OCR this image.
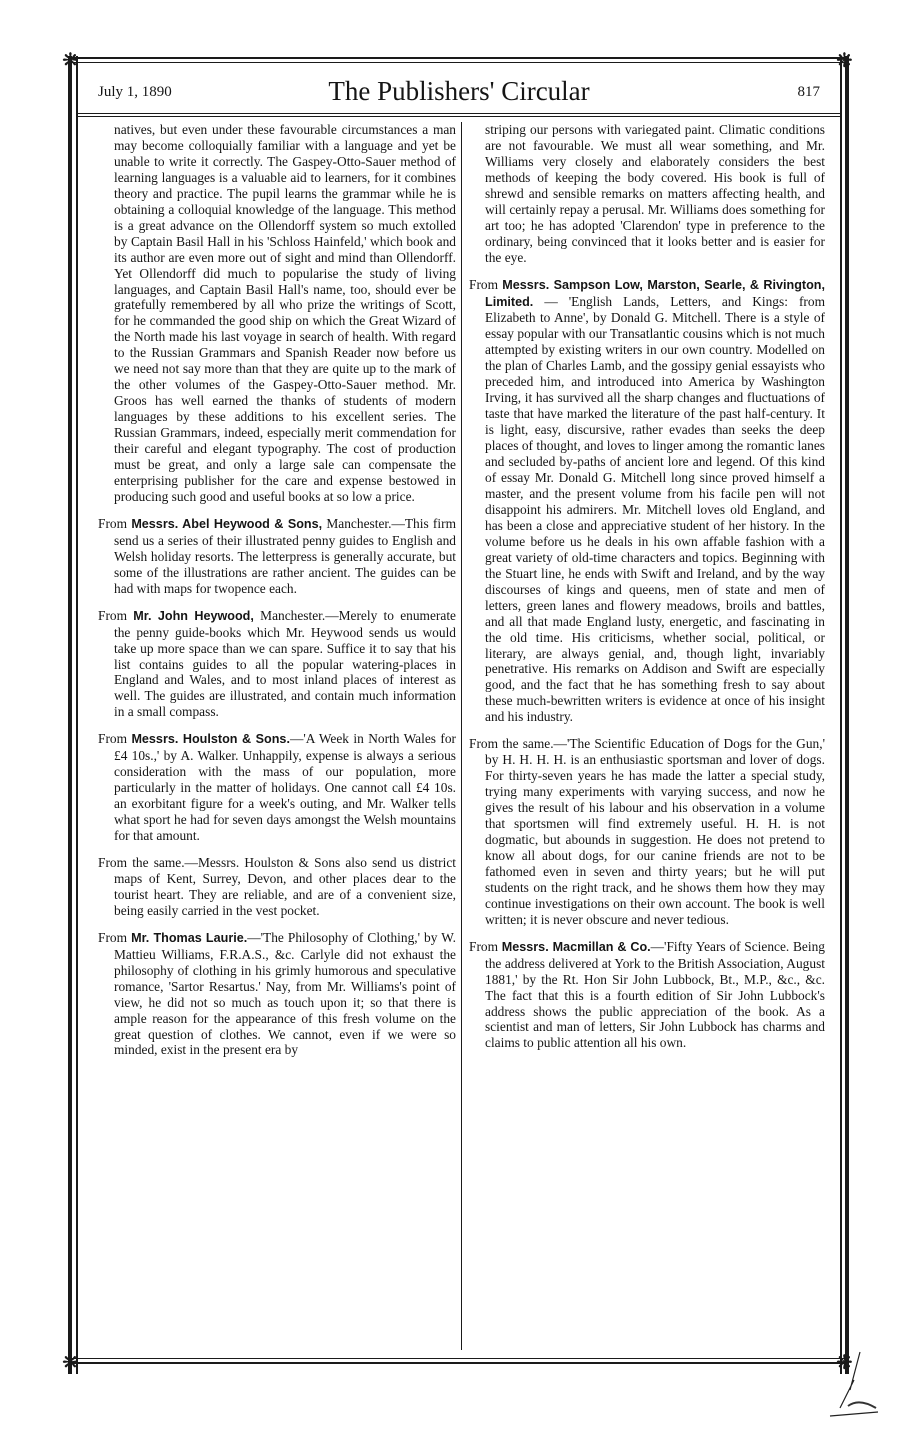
❋	❋
❋	❋
July 1, 1890	The Publishers' Circular	817

natives, but even under these favourable circumstances a man may become colloquially familiar with a language and yet be unable to write it correctly. The Gaspey-Otto-Sauer method of learning languages is a valuable aid to learners, for it combines theory and practice. The pupil learns the grammar while he is obtaining a colloquial knowledge of the language. This method is a great advance on the Ollendorff system so much extolled by Captain Basil Hall in his 'Schloss Hainfeld,' which book and its author are even more out of sight and mind than Ollendorff. Yet Ollendorff did much to popularise the study of living languages, and Captain Basil Hall's name, too, should ever be gratefully remembered by all who prize the writings of Scott, for he commanded the good ship on which the Great Wizard of the North made his last voyage in search of health. With regard to the Russian Grammars and Spanish Reader now before us we need not say more than that they are quite up to the mark of the other volumes of the Gaspey-Otto-Sauer method. Mr. Groos has well earned the thanks of students of modern languages by these additions to his excellent series. The Russian Grammars, indeed, especially merit commendation for their careful and elegant typography. The cost of production must be great, and only a large sale can compensate the enterprising publisher for the care and expense bestowed in producing such good and useful books at so low a price.

From Messrs. Abel Heywood & Sons, Manchester.—This firm send us a series of their illustrated penny guides to English and Welsh holiday resorts. The letterpress is generally accurate, but some of the illustrations are rather ancient. The guides can be had with maps for twopence each.

From Mr. John Heywood, Manchester.—Merely to enumerate the penny guide-books which Mr. Heywood sends us would take up more space than we can spare. Suffice it to say that his list contains guides to all the popular watering-places in England and Wales, and to most inland places of interest as well. The guides are illustrated, and contain much information in a small compass.

From Messrs. Houlston & Sons.—'A Week in North Wales for £4 10s.,' by A. Walker. Unhappily, expense is always a serious consideration with the mass of our population, more particularly in the matter of holidays. One cannot call £4 10s. an exorbitant figure for a week's outing, and Mr. Walker tells what sport he had for seven days amongst the Welsh mountains for that amount.

From the same.—Messrs. Houlston & Sons also send us district maps of Kent, Surrey, Devon, and other places dear to the tourist heart. They are reliable, and are of a convenient size, being easily carried in the vest pocket.

From Mr. Thomas Laurie.—'The Philosophy of Clothing,' by W. Mattieu Williams, F.R.A.S., &c. Carlyle did not exhaust the philosophy of clothing in his grimly humorous and speculative romance, 'Sartor Resartus.' Nay, from Mr. Williams's point of view, he did not so much as touch upon it; so that there is ample reason for the appearance of this fresh volume on the great question of clothes. We cannot, even if we were so minded, exist in the present era by

striping our persons with variegated paint. Climatic conditions are not favourable. We must all wear something, and Mr. Williams very closely and elaborately considers the best methods of keeping the body covered. His book is full of shrewd and sensible remarks on matters affecting health, and will certainly repay a perusal. Mr. Williams does something for art too; he has adopted 'Clarendon' type in preference to the ordinary, being convinced that it looks better and is easier for the eye.

From Messrs. Sampson Low, Marston, Searle, & Rivington, Limited. — 'English Lands, Letters, and Kings: from Elizabeth to Anne', by Donald G. Mitchell. There is a style of essay popular with our Transatlantic cousins which is not much attempted by existing writers in our own country. Modelled on the plan of Charles Lamb, and the gossipy genial essayists who preceded him, and introduced into America by Washington Irving, it has survived all the sharp changes and fluctuations of taste that have marked the literature of the past half-century. It is light, easy, discursive, rather evades than seeks the deep places of thought, and loves to linger among the romantic lanes and secluded by-paths of ancient lore and legend. Of this kind of essay Mr. Donald G. Mitchell long since proved himself a master, and the present volume from his facile pen will not disappoint his admirers. Mr. Mitchell loves old England, and has been a close and appreciative student of her history. In the volume before us he deals in his own affable fashion with a great variety of old-time characters and topics. Beginning with the Stuart line, he ends with Swift and Ireland, and by the way discourses of kings and queens, men of state and men of letters, green lanes and flowery meadows, broils and battles, and all that made England lusty, energetic, and fascinating in the old time. His criticisms, whether social, political, or literary, are always genial, and, though light, invariably penetrative. His remarks on Addison and Swift are especially good, and the fact that he has something fresh to say about these much-bewritten writers is evidence at once of his insight and his industry.

From the same.—'The Scientific Education of Dogs for the Gun,' by H. H. H. H. is an enthusiastic sportsman and lover of dogs. For thirty-seven years he has made the latter a special study, trying many experiments with varying success, and now he gives the result of his labour and his observation in a volume that sportsmen will find extremely useful. H. H. is not dogmatic, but abounds in suggestion. He does not pretend to know all about dogs, for our canine friends are not to be fathomed even in seven and thirty years; but he will put students on the right track, and he shows them how they may continue investigations on their own account. The book is well written; it is never obscure and never tedious.

From Messrs. Macmillan & Co.—'Fifty Years of Science. Being the address delivered at York to the British Association, August 1881,' by the Rt. Hon Sir John Lubbock, Bt., M.P., &c., &c. The fact that this is a fourth edition of Sir John Lubbock's address shows the public appreciation of the book. As a scientist and man of letters, Sir John Lubbock has charms and claims to public attention all his own.
